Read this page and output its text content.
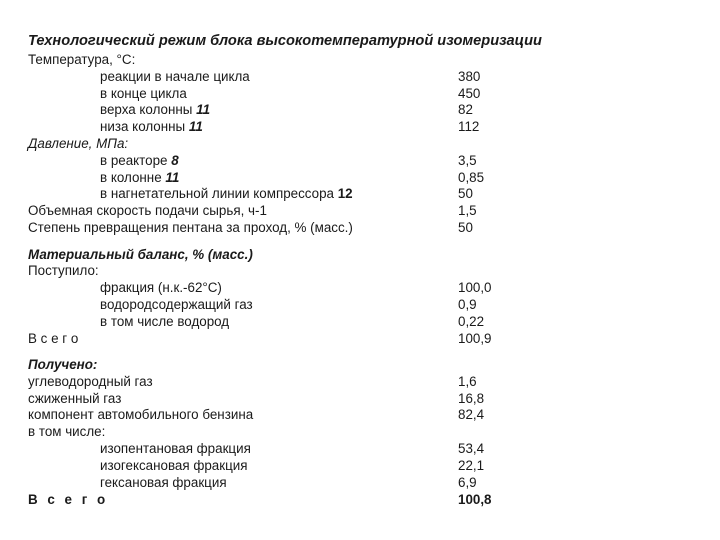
Технологический режим блока высокотемпературной изомеризации
Температура, °С:
реакции в начале цикла	380
в конце цикла	450
верха колонны 11	82
низа колонны 11	112
Давление, МПа:
в реакторе 8	3,5
в колонне 11	0,85
в нагнетательной линии компрессора 12	50
Объемная скорость подачи сырья, ч-1	1,5
Степень превращения пентана за проход, % (масс.)	50
Материальный баланс, % (масс.)
Поступило:
фракция (н.к.-62°С)	100,0
водородсодержащий газ	0,9
в том числе водород	0,22
В с е г о	100,9
Получено:
углеводородный газ	1,6
сжиженный газ	16,8
компонент автомобильного бензина	82,4
в том числе:
изопентановая фракция	53,4
изогексановая фракция	22,1
гексановая фракция	6,9
В с е г о	100,8
